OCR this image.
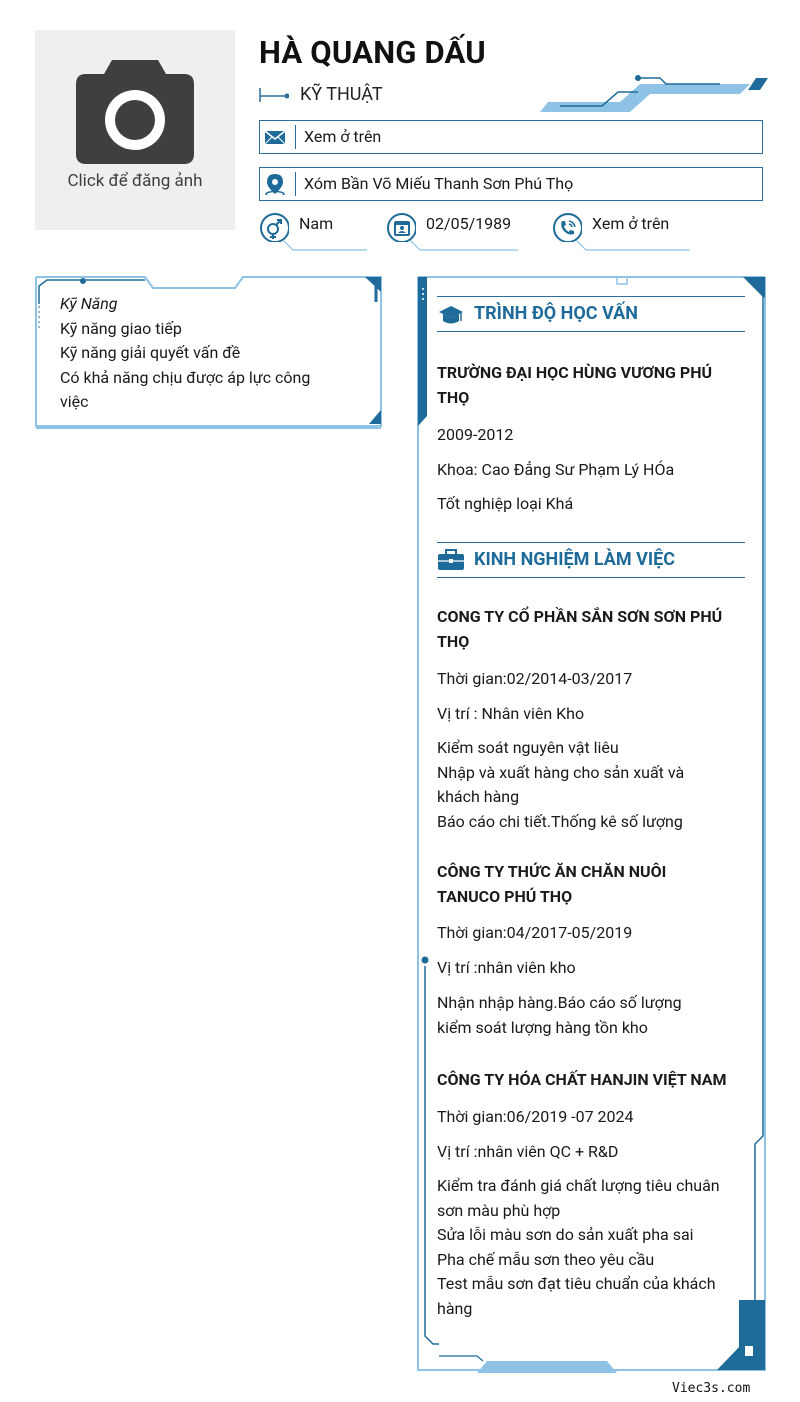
Click để đăng ảnh
HÀ QUANG DẤU
KỸ THUẬT
Xem ở trên
Xóm Bần Võ Miếu Thanh Sơn Phú Thọ
Nam	02/05/1989	Xem ở trên
Kỹ Năng
Kỹ năng giao tiếp
Kỹ năng giải quyết vấn đề
Có khả năng chịu được áp lực công
việc
TRÌNH ĐỘ HỌC VẤN
TRƯỜNG ĐẠI HỌC HÙNG VƯƠNG PHÚ
THỌ
2009-2012
Khoa: Cao Đẳng Sư Phạm Lý HÓa
Tốt nghiệp loại Khá
KINH NGHIỆM LÀM VIỆC
CONG TY CỔ PHẦN SẮN SƠN SƠN PHÚ
THỌ
Thời gian:02/2014-03/2017
Vị trí : Nhân viên Kho
Kiểm soát nguyên vật liêu
Nhập và xuất hàng cho sản xuất và
khách hàng
Báo cáo chi tiết.Thống kê số lượng
CÔNG TY THỨC ĂN CHĂN NUÔI
TANUCO PHÚ THỌ
Thời gian:04/2017-05/2019
Vị trí :nhân viên kho
Nhận nhập hàng.Báo cáo số lượng
kiểm soát lượng hàng tồn kho
CÔNG TY HÓA CHẤT HANJIN VIỆT NAM
Thời gian:06/2019 -07 2024
Vị trí :nhân viên QC + R&D
Kiểm tra đánh giá chất lượng tiêu chuân
sơn màu phù hợp
Sửa lỗi màu sơn do sản xuất pha sai
Pha chế mẫu sơn theo yêu cầu
Test mẫu sơn đạt tiêu chuẩn của khách
hàng
Viec3s.com
